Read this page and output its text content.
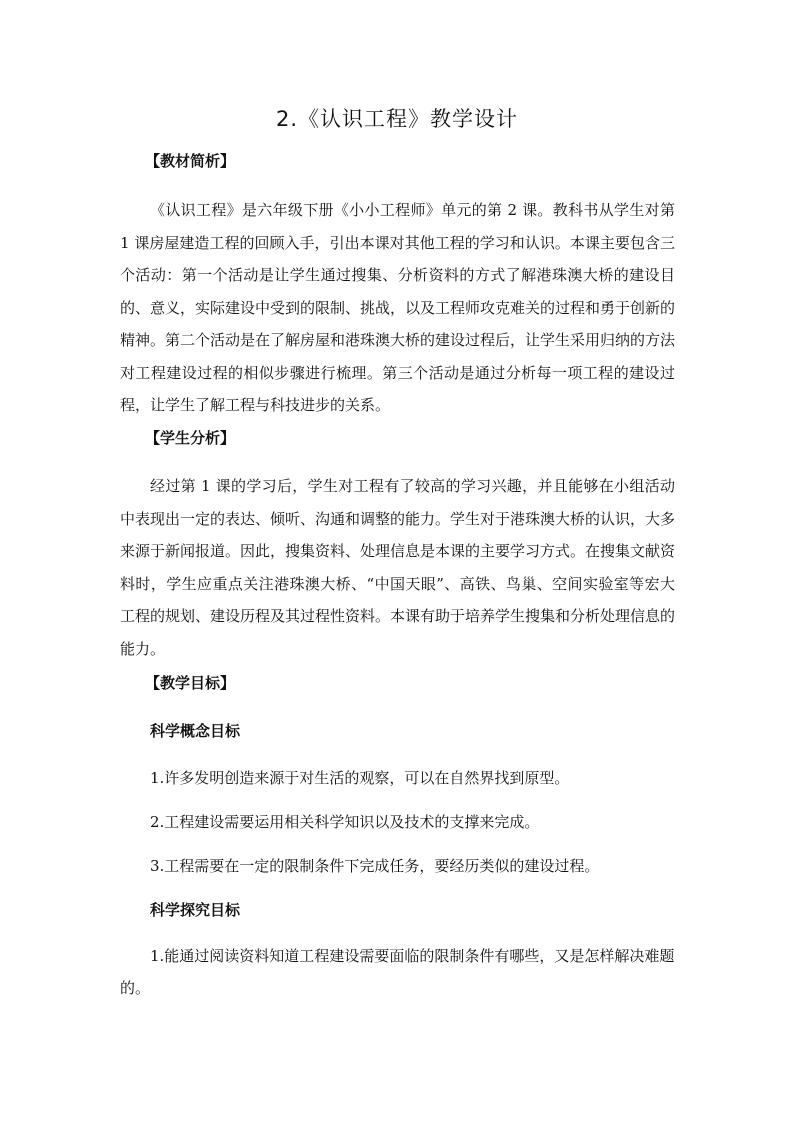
2.《认识工程》教学设计
【教材简析】

《认识工程》是六年级下册《小小工程师》单元的第 2 课。教科书从学生对第 1 课房屋建造工程的回顾入手，引出本课对其他工程的学习和认识。本课主要包含三个活动：第一个活动是让学生通过搜集、分析资料的方式了解港珠澳大桥的建设目的、意义，实际建设中受到的限制、挑战，以及工程师攻克难关的过程和勇于创新的精神。第二个活动是在了解房屋和港珠澳大桥的建设过程后，让学生采用归纳的方法对工程建设过程的相似步骤进行梳理。第三个活动是通过分析每一项工程的建设过程，让学生了解工程与科技进步的关系。

【学生分析】

经过第 1 课的学习后，学生对工程有了较高的学习兴趣，并且能够在小组活动中表现出一定的表达、倾听、沟通和调整的能力。学生对于港珠澳大桥的认识，大多来源于新闻报道。因此，搜集资料、处理信息是本课的主要学习方式。在搜集文献资料时，学生应重点关注港珠澳大桥、“中国天眼”、高铁、鸟巢、空间实验室等宏大工程的规划、建设历程及其过程性资料。本课有助于培养学生搜集和分析处理信息的能力。

【教学目标】
科学概念目标

1.许多发明创造来源于对生活的观察，可以在自然界找到原型。

2.工程建设需要运用相关科学知识以及技术的支撑来完成。

3.工程需要在一定的限制条件下完成任务，要经历类似的建设过程。

科学探究目标

1.能通过阅读资料知道工程建设需要面临的限制条件有哪些，又是怎样解决难题的。
